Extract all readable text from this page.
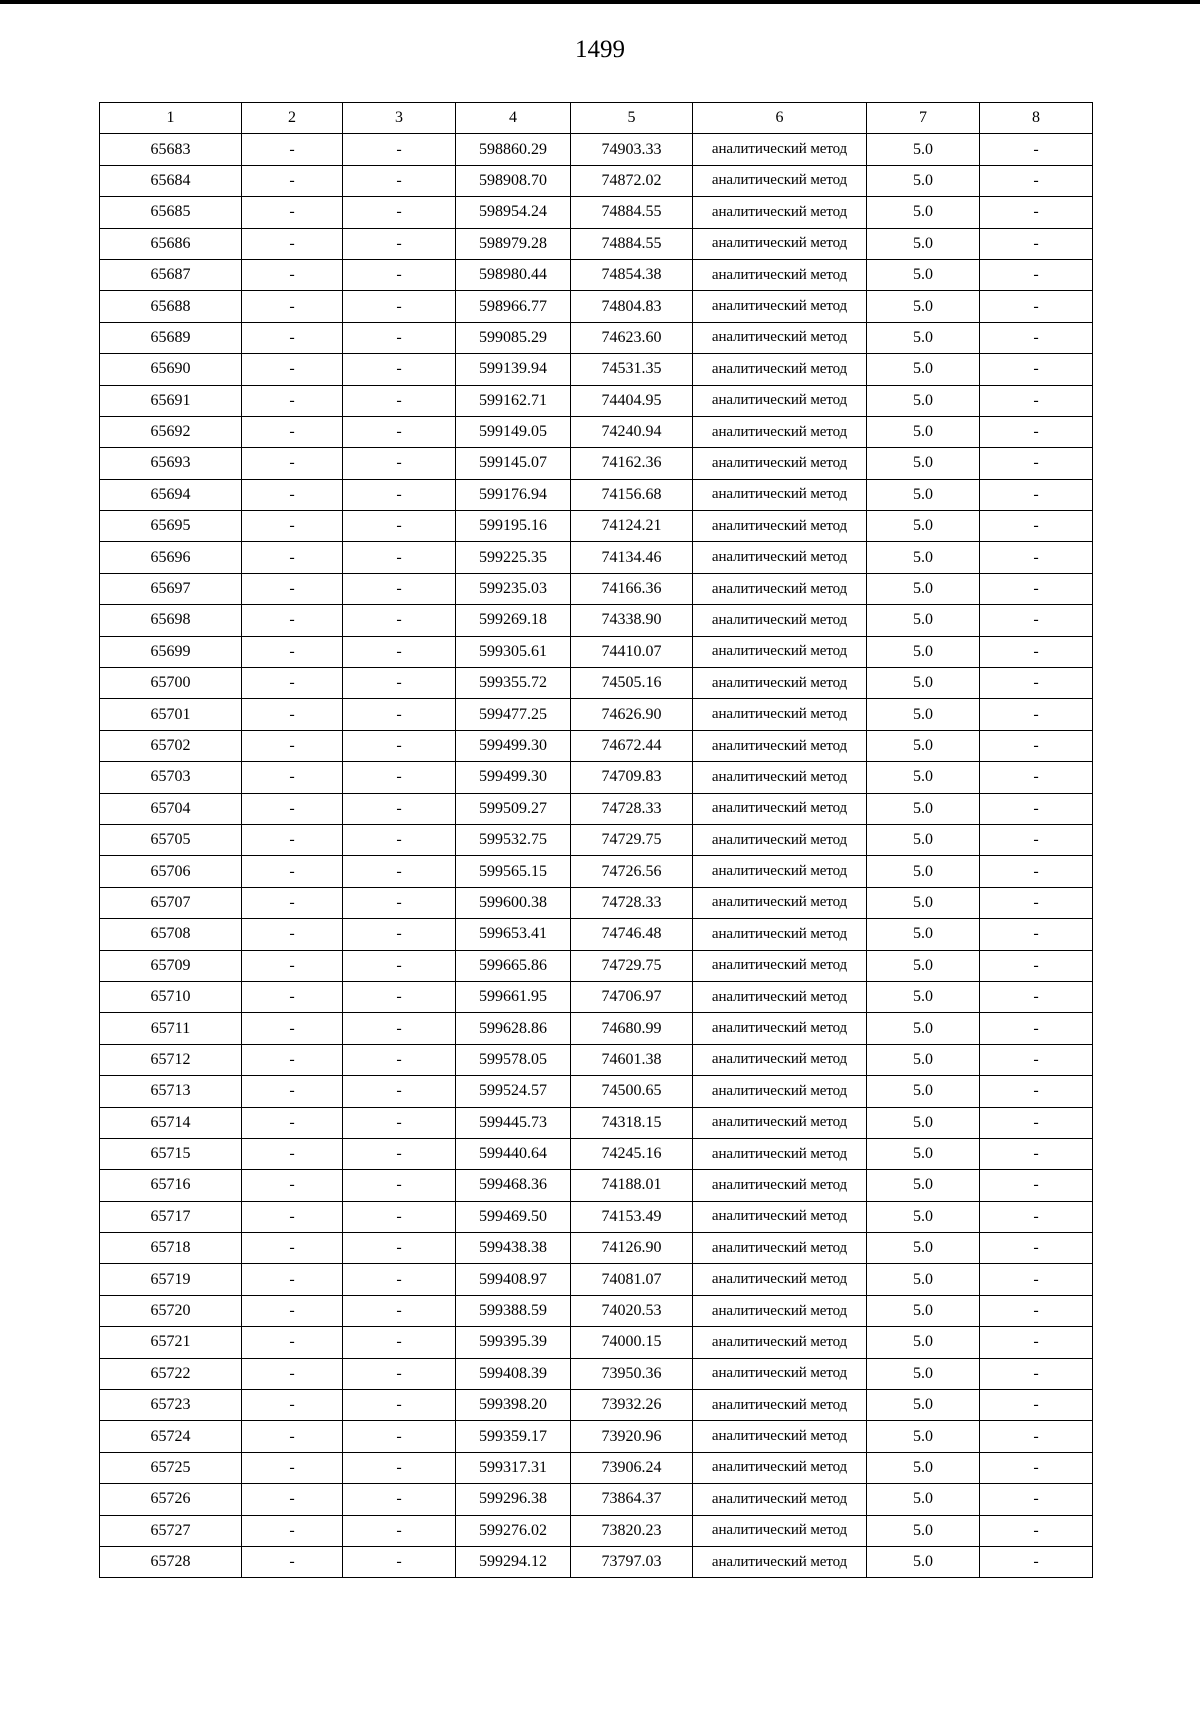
1499
1	2	3	4	5	6	7	8
65683	-	-	598860.29	74903.33	аналитический метод	5.0	-
65684	-	-	598908.70	74872.02	аналитический метод	5.0	-
65685	-	-	598954.24	74884.55	аналитический метод	5.0	-
65686	-	-	598979.28	74884.55	аналитический метод	5.0	-
65687	-	-	598980.44	74854.38	аналитический метод	5.0	-
65688	-	-	598966.77	74804.83	аналитический метод	5.0	-
65689	-	-	599085.29	74623.60	аналитический метод	5.0	-
65690	-	-	599139.94	74531.35	аналитический метод	5.0	-
65691	-	-	599162.71	74404.95	аналитический метод	5.0	-
65692	-	-	599149.05	74240.94	аналитический метод	5.0	-
65693	-	-	599145.07	74162.36	аналитический метод	5.0	-
65694	-	-	599176.94	74156.68	аналитический метод	5.0	-
65695	-	-	599195.16	74124.21	аналитический метод	5.0	-
65696	-	-	599225.35	74134.46	аналитический метод	5.0	-
65697	-	-	599235.03	74166.36	аналитический метод	5.0	-
65698	-	-	599269.18	74338.90	аналитический метод	5.0	-
65699	-	-	599305.61	74410.07	аналитический метод	5.0	-
65700	-	-	599355.72	74505.16	аналитический метод	5.0	-
65701	-	-	599477.25	74626.90	аналитический метод	5.0	-
65702	-	-	599499.30	74672.44	аналитический метод	5.0	-
65703	-	-	599499.30	74709.83	аналитический метод	5.0	-
65704	-	-	599509.27	74728.33	аналитический метод	5.0	-
65705	-	-	599532.75	74729.75	аналитический метод	5.0	-
65706	-	-	599565.15	74726.56	аналитический метод	5.0	-
65707	-	-	599600.38	74728.33	аналитический метод	5.0	-
65708	-	-	599653.41	74746.48	аналитический метод	5.0	-
65709	-	-	599665.86	74729.75	аналитический метод	5.0	-
65710	-	-	599661.95	74706.97	аналитический метод	5.0	-
65711	-	-	599628.86	74680.99	аналитический метод	5.0	-
65712	-	-	599578.05	74601.38	аналитический метод	5.0	-
65713	-	-	599524.57	74500.65	аналитический метод	5.0	-
65714	-	-	599445.73	74318.15	аналитический метод	5.0	-
65715	-	-	599440.64	74245.16	аналитический метод	5.0	-
65716	-	-	599468.36	74188.01	аналитический метод	5.0	-
65717	-	-	599469.50	74153.49	аналитический метод	5.0	-
65718	-	-	599438.38	74126.90	аналитический метод	5.0	-
65719	-	-	599408.97	74081.07	аналитический метод	5.0	-
65720	-	-	599388.59	74020.53	аналитический метод	5.0	-
65721	-	-	599395.39	74000.15	аналитический метод	5.0	-
65722	-	-	599408.39	73950.36	аналитический метод	5.0	-
65723	-	-	599398.20	73932.26	аналитический метод	5.0	-
65724	-	-	599359.17	73920.96	аналитический метод	5.0	-
65725	-	-	599317.31	73906.24	аналитический метод	5.0	-
65726	-	-	599296.38	73864.37	аналитический метод	5.0	-
65727	-	-	599276.02	73820.23	аналитический метод	5.0	-
65728	-	-	599294.12	73797.03	аналитический метод	5.0	-
